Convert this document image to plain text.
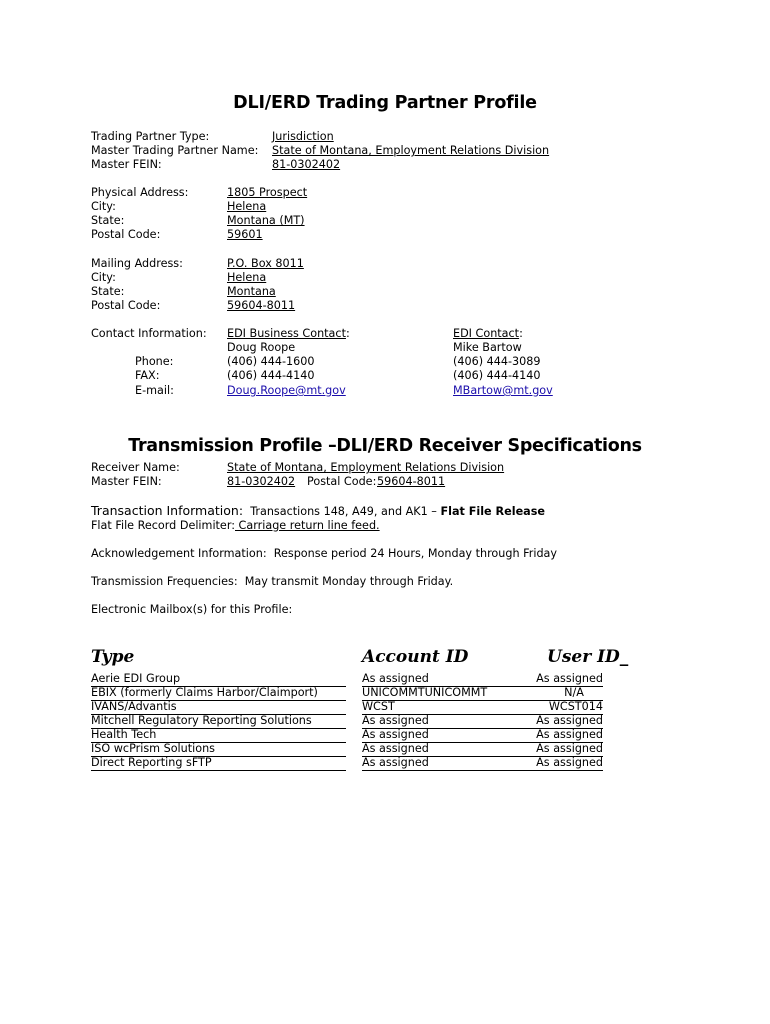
DLI/ERD Trading Partner Profile
Trading Partner Type:	Jurisdiction
Master Trading Partner Name: State of Montana, Employment Relations Division
Master FEIN:	81-0302402
Physical Address:	1805 Prospect
City:	Helena
State:	Montana (MT)
Postal Code:	59601
Mailing Address:	P.O. Box 8011
City:	Helena
State:	Montana
Postal Code:	59604-8011
Contact Information: EDI Business Contact:	EDI Contact:
Doug Roope	Mike Bartow
Phone:	(406) 444-1600	(406) 444-3089
FAX:	(406) 444-4140	(406) 444-4140
E-mail:	Doug.Roope@mt.gov	MBartow@mt.gov
Transmission Profile –DLI/ERD Receiver Specifications
Receiver Name:	State of Montana, Employment Relations Division
Master FEIN:	81-0302402 Postal Code: 59604-8011
Transaction Information: Transactions 148, A49, and AK1 – Flat File Release
Flat File Record Delimiter: Carriage return line feed.
Acknowledgement Information: Response period 24 Hours, Monday through Friday
Transmission Frequencies: May transmit Monday through Friday.
Electronic Mailbox(s) for this Profile:
Type	Account ID	User ID_
Aerie EDI Group	As assigned	As assigned
EBIX (formerly Claims Harbor/Claimport)	UNICOMMTUNICOMMT	N/A
IVANS/Advantis	WCST	WCST014
Mitchell Regulatory Reporting Solutions	As assigned	As assigned
Health Tech	As assigned	As assigned
ISO wcPrism Solutions	As assigned	As assigned
Direct Reporting sFTP	As assigned	As assigned
